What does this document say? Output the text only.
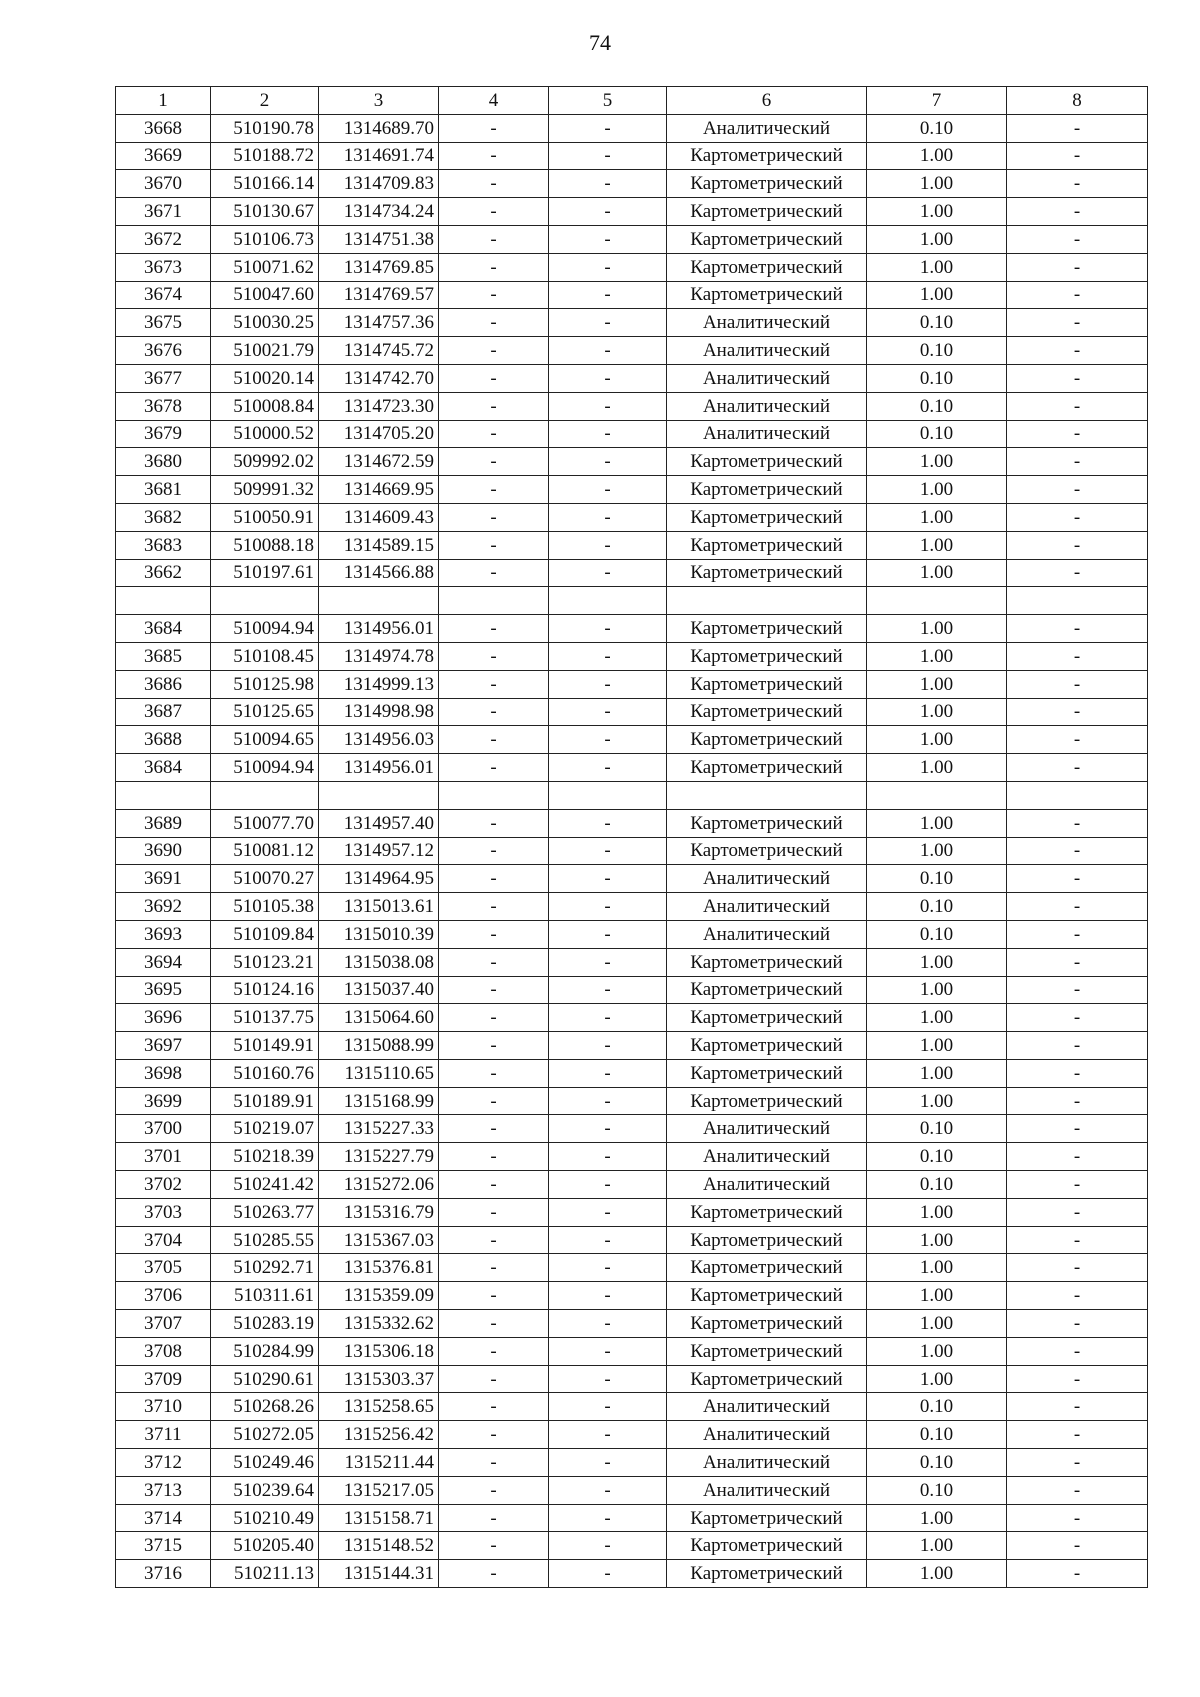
74
1	2	3	4	5	6	7	8
3668	510190.78	1314689.70	-	-	Аналитический	0.10	-
3669	510188.72	1314691.74	-	-	Картометрический	1.00	-
3670	510166.14	1314709.83	-	-	Картометрический	1.00	-
3671	510130.67	1314734.24	-	-	Картометрический	1.00	-
3672	510106.73	1314751.38	-	-	Картометрический	1.00	-
3673	510071.62	1314769.85	-	-	Картометрический	1.00	-
3674	510047.60	1314769.57	-	-	Картометрический	1.00	-
3675	510030.25	1314757.36	-	-	Аналитический	0.10	-
3676	510021.79	1314745.72	-	-	Аналитический	0.10	-
3677	510020.14	1314742.70	-	-	Аналитический	0.10	-
3678	510008.84	1314723.30	-	-	Аналитический	0.10	-
3679	510000.52	1314705.20	-	-	Аналитический	0.10	-
3680	509992.02	1314672.59	-	-	Картометрический	1.00	-
3681	509991.32	1314669.95	-	-	Картометрический	1.00	-
3682	510050.91	1314609.43	-	-	Картометрический	1.00	-
3683	510088.18	1314589.15	-	-	Картометрический	1.00	-
3662	510197.61	1314566.88	-	-	Картометрический	1.00	-

3684	510094.94	1314956.01	-	-	Картометрический	1.00	-
3685	510108.45	1314974.78	-	-	Картометрический	1.00	-
3686	510125.98	1314999.13	-	-	Картометрический	1.00	-
3687	510125.65	1314998.98	-	-	Картометрический	1.00	-
3688	510094.65	1314956.03	-	-	Картометрический	1.00	-
3684	510094.94	1314956.01	-	-	Картометрический	1.00	-

3689	510077.70	1314957.40	-	-	Картометрический	1.00	-
3690	510081.12	1314957.12	-	-	Картометрический	1.00	-
3691	510070.27	1314964.95	-	-	Аналитический	0.10	-
3692	510105.38	1315013.61	-	-	Аналитический	0.10	-
3693	510109.84	1315010.39	-	-	Аналитический	0.10	-
3694	510123.21	1315038.08	-	-	Картометрический	1.00	-
3695	510124.16	1315037.40	-	-	Картометрический	1.00	-
3696	510137.75	1315064.60	-	-	Картометрический	1.00	-
3697	510149.91	1315088.99	-	-	Картометрический	1.00	-
3698	510160.76	1315110.65	-	-	Картометрический	1.00	-
3699	510189.91	1315168.99	-	-	Картометрический	1.00	-
3700	510219.07	1315227.33	-	-	Аналитический	0.10	-
3701	510218.39	1315227.79	-	-	Аналитический	0.10	-
3702	510241.42	1315272.06	-	-	Аналитический	0.10	-
3703	510263.77	1315316.79	-	-	Картометрический	1.00	-
3704	510285.55	1315367.03	-	-	Картометрический	1.00	-
3705	510292.71	1315376.81	-	-	Картометрический	1.00	-
3706	510311.61	1315359.09	-	-	Картометрический	1.00	-
3707	510283.19	1315332.62	-	-	Картометрический	1.00	-
3708	510284.99	1315306.18	-	-	Картометрический	1.00	-
3709	510290.61	1315303.37	-	-	Картометрический	1.00	-
3710	510268.26	1315258.65	-	-	Аналитический	0.10	-
3711	510272.05	1315256.42	-	-	Аналитический	0.10	-
3712	510249.46	1315211.44	-	-	Аналитический	0.10	-
3713	510239.64	1315217.05	-	-	Аналитический	0.10	-
3714	510210.49	1315158.71	-	-	Картометрический	1.00	-
3715	510205.40	1315148.52	-	-	Картометрический	1.00	-
3716	510211.13	1315144.31	-	-	Картометрический	1.00	-
